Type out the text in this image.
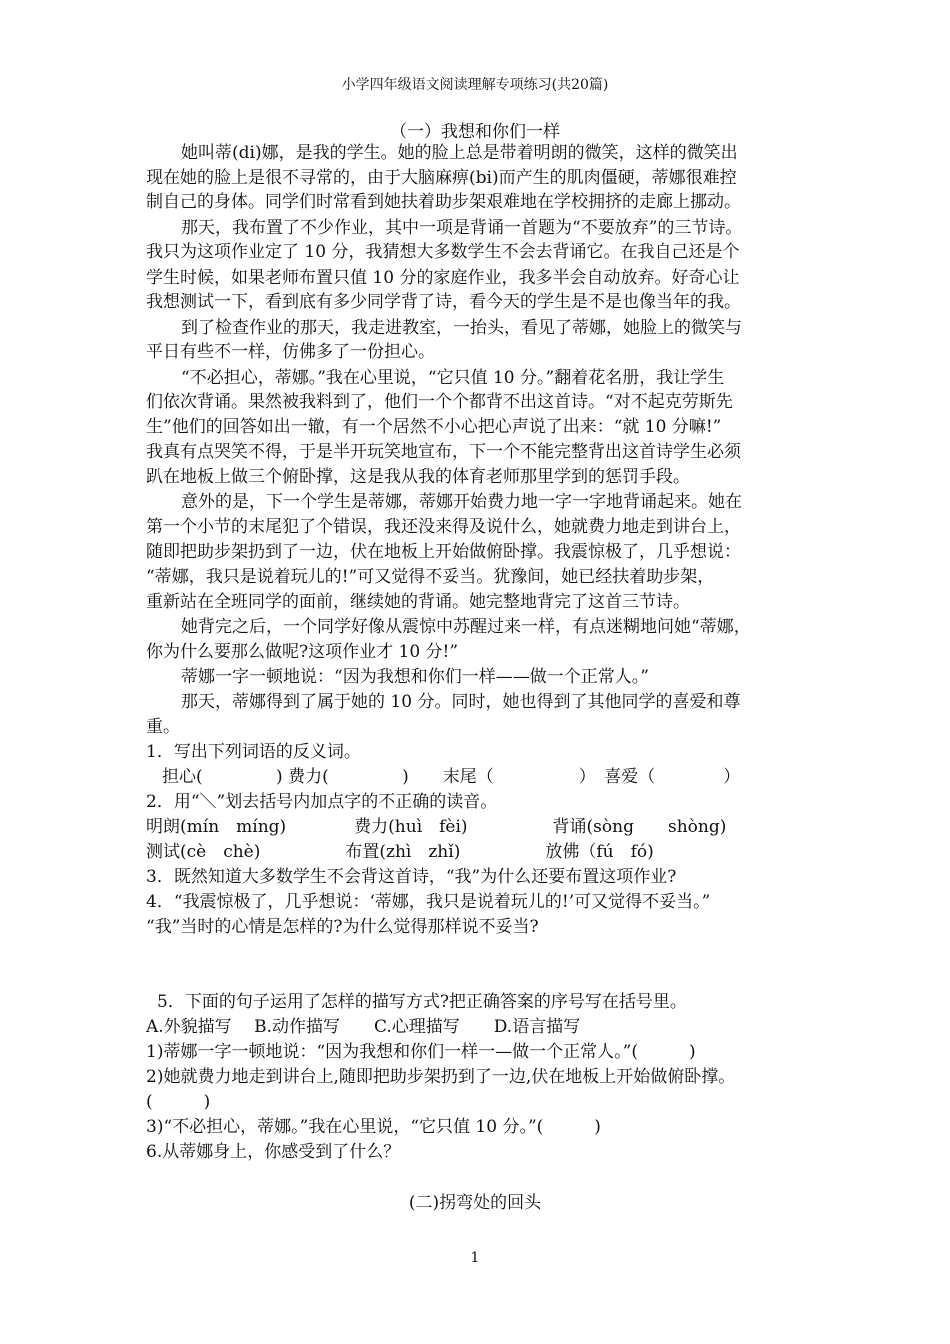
小学四年级语文阅读理解专项练习(共20篇)
（一）我想和你们一样
她叫蒂(di)娜，是我的学生。她的脸上总是带着明朗的微笑，这样的微笑出
现在她的脸上是很不寻常的，由于大脑麻痹(bi)而产生的肌肉僵硬，蒂娜很难控
制自己的身体。同学们时常看到她扶着助步架艰难地在学校拥挤的走廊上挪动。
那天，我布置了不少作业，其中一项是背诵一首题为“不要放弃”的三节诗。
我只为这项作业定了 10 分，我猜想大多数学生不会去背诵它。在我自己还是个
学生时候，如果老师布置只值 10 分的家庭作业，我多半会自动放弃。好奇心让
我想测试一下，看到底有多少同学背了诗，看今天的学生是不是也像当年的我。
到了检查作业的那天，我走进教室，一抬头，看见了蒂娜，她脸上的微笑与
平日有些不一样，仿佛多了一份担心。
“不必担心，蒂娜。”我在心里说，“它只值 10 分。”翻着花名册，我让学生
们依次背诵。果然被我料到了，他们一个个都背不出这首诗。“对不起克劳斯先
生”他们的回答如出一辙，有一个居然不小心把心声说了出来：“就 10 分嘛!”
我真有点哭笑不得，于是半开玩笑地宣布，下一个不能完整背出这首诗学生必须
趴在地板上做三个俯卧撑，这是我从我的体育老师那里学到的惩罚手段。
意外的是，下一个学生是蒂娜，蒂娜开始费力地一字一字地背诵起来。她在
第一个小节的末尾犯了个错误，我还没来得及说什么，她就费力地走到讲台上，
随即把助步架扔到了一边，伏在地板上开始做俯卧撑。我震惊极了，几乎想说：
“蒂娜，我只是说着玩儿的!”可又觉得不妥当。犹豫间，她已经扶着助步架，
重新站在全班同学的面前，继续她的背诵。她完整地背完了这首三节诗。
她背完之后，一个同学好像从震惊中苏醒过来一样，有点迷糊地问她“蒂娜，
你为什么要那么做呢?这项作业才 10 分!”
蒂娜一字一顿地说：“因为我想和你们一样——做一个正常人。”
那天，蒂娜得到了属于她的 10 分。同时，她也得到了其他同学的喜爱和尊
重。
1．写出下列词语的反义词。
担心(　　　　 ) 费力(　　　　 )　　末尾（　　　　　）　喜爱（　　　　）
2．用“＼”划去括号内加点字的不正确的读音。
明朗(mín　míng)　　　　费力(huì　fèi)　　　　　背诵(sòng　　shòng)
测试(cè　chè)　　　　　布置(zhì　zhǐ)　　　　　放佛（fú　fó)
3．既然知道大多数学生不会背这首诗，“我”为什么还要布置这项作业?
4．“我震惊极了，几乎想说：‘蒂娜，我只是说着玩儿的!’可又觉得不妥当。”
“我”当时的心情是怎样的?为什么觉得那样说不妥当?
5．下面的句子运用了怎样的描写方式?把正确答案的序号写在括号里。
A.外貌描写　 B.动作描写　　C.心理描写　　D.语言描写
1)蒂娜一字一顿地说：“因为我想和你们一样一—做一个正常人。”(　　　)
2)她就费力地走到讲台上,随即把助步架扔到了一边,伏在地板上开始做俯卧撑。
(　　　)
3)“不必担心，蒂娜。”我在心里说，“它只值 10 分。”(　　　)
6.从蒂娜身上，你感受到了什么？
(二)拐弯处的回头
1
